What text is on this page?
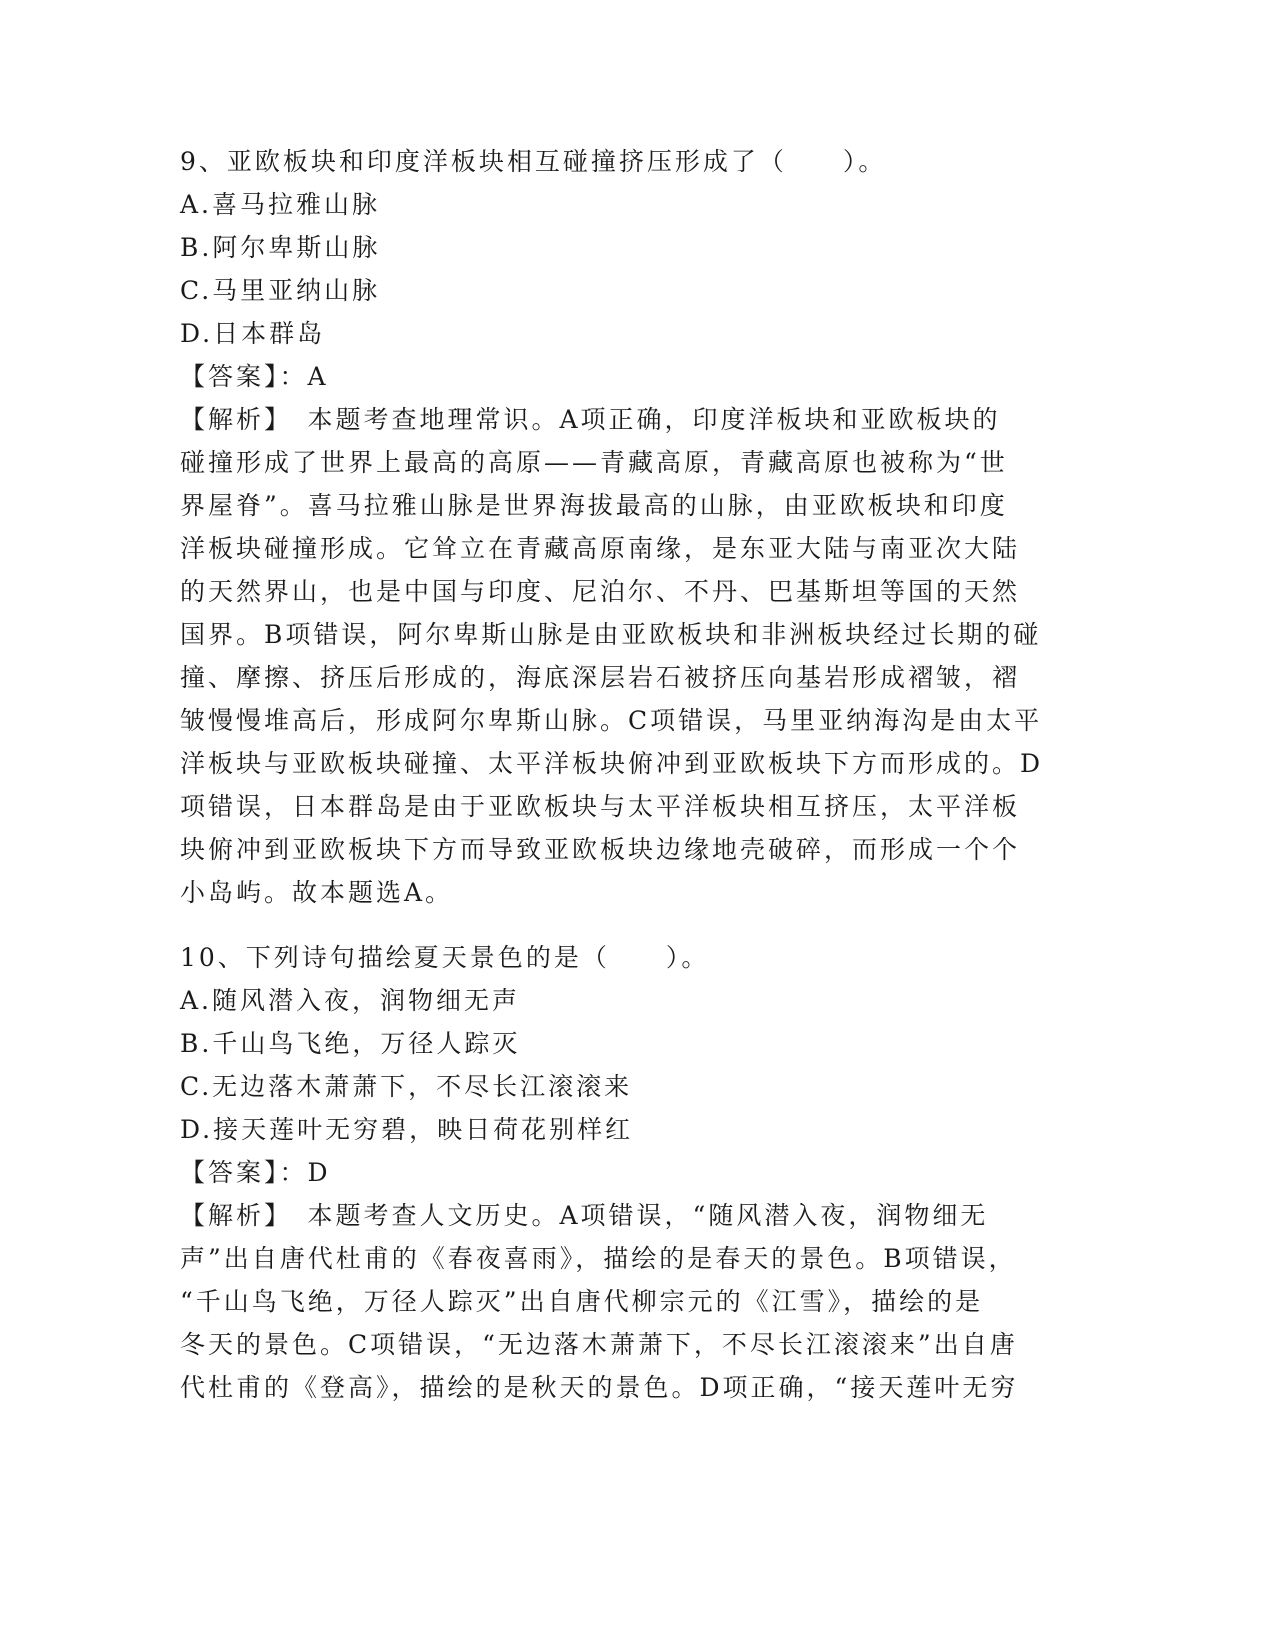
9、亚欧板块和印度洋板块相互碰撞挤压形成了（　　）。
A.喜马拉雅山脉
B.阿尔卑斯山脉
C.马里亚纳山脉
D.日本群岛
【答案】：A
【解析】　本题考查地理常识。A项正确，印度洋板块和亚欧板块的
碰撞形成了世界上最高的高原——青藏高原，青藏高原也被称为“世
界屋脊”。喜马拉雅山脉是世界海拔最高的山脉，由亚欧板块和印度
洋板块碰撞形成。它耸立在青藏高原南缘，是东亚大陆与南亚次大陆
的天然界山，也是中国与印度、尼泊尔、不丹、巴基斯坦等国的天然
国界。B项错误，阿尔卑斯山脉是由亚欧板块和非洲板块经过长期的碰
撞、摩擦、挤压后形成的，海底深层岩石被挤压向基岩形成褶皱，褶
皱慢慢堆高后，形成阿尔卑斯山脉。C项错误，马里亚纳海沟是由太平
洋板块与亚欧板块碰撞、太平洋板块俯冲到亚欧板块下方而形成的。D
项错误，日本群岛是由于亚欧板块与太平洋板块相互挤压，太平洋板
块俯冲到亚欧板块下方而导致亚欧板块边缘地壳破碎，而形成一个个
小岛屿。故本题选A。
10、下列诗句描绘夏天景色的是（　　）。
A.随风潜入夜，润物细无声
B.千山鸟飞绝，万径人踪灭
C.无边落木萧萧下，不尽长江滚滚来
D.接天莲叶无穷碧，映日荷花别样红
【答案】：D
【解析】　本题考查人文历史。A项错误，“随风潜入夜，润物细无
声”出自唐代杜甫的《春夜喜雨》，描绘的是春天的景色。B项错误，
“千山鸟飞绝，万径人踪灭”出自唐代柳宗元的《江雪》，描绘的是
冬天的景色。C项错误，“无边落木萧萧下，不尽长江滚滚来”出自唐
代杜甫的《登高》，描绘的是秋天的景色。D项正确，“接天莲叶无穷
